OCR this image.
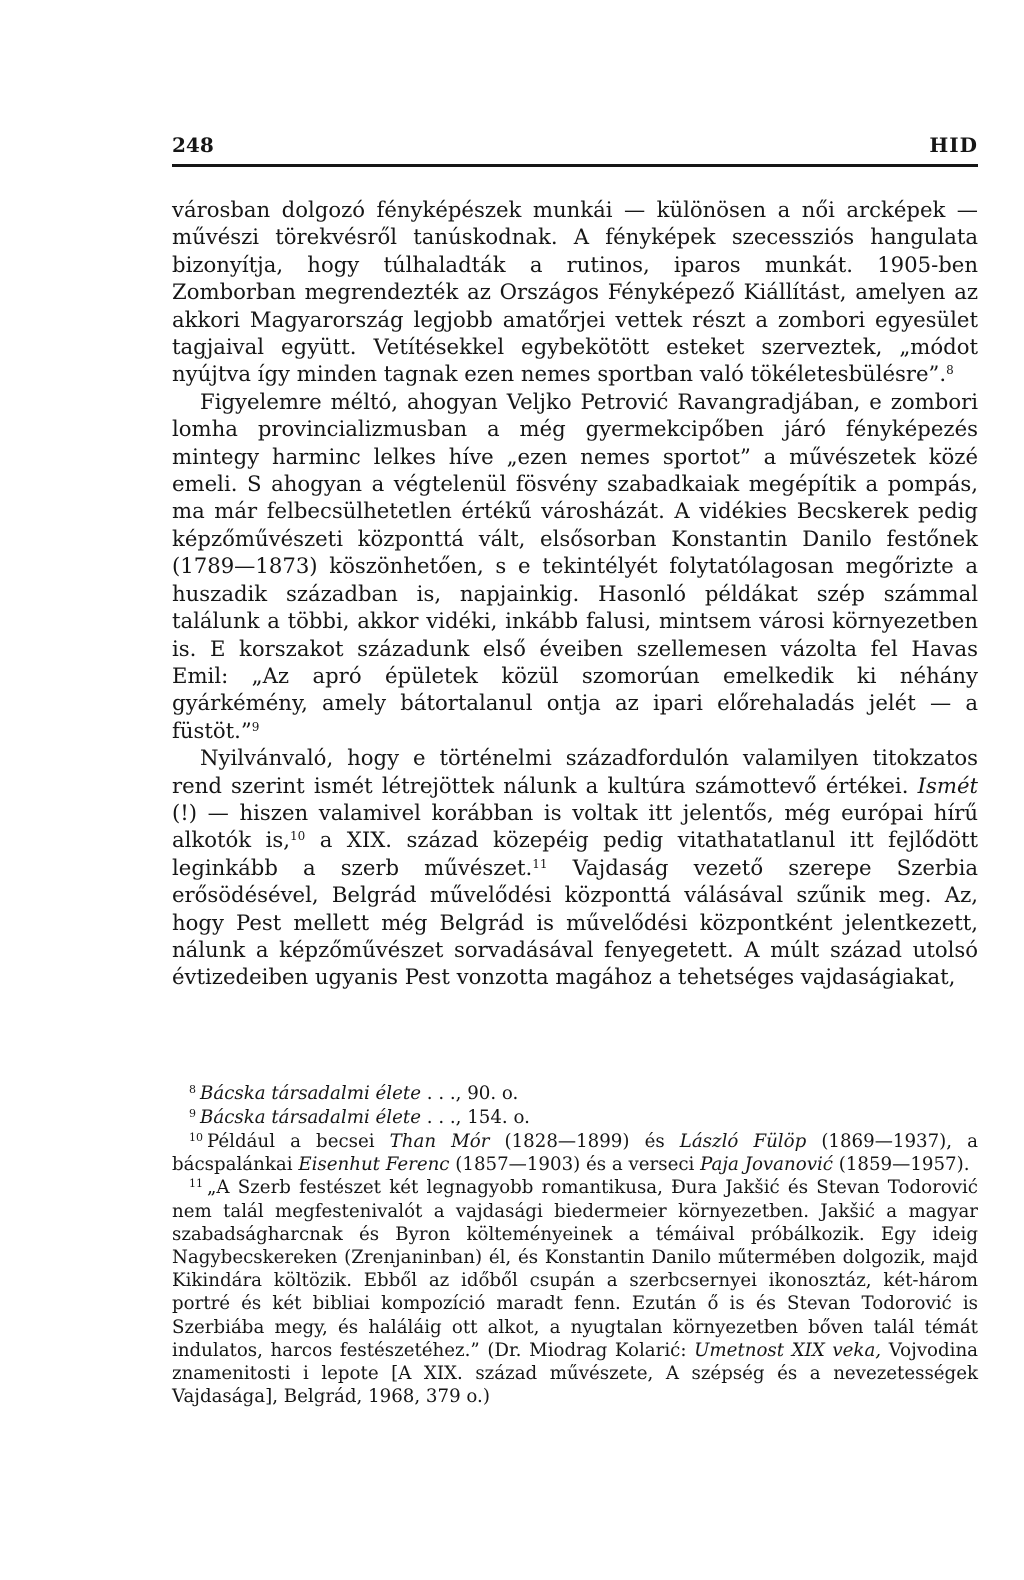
248	HID

városban dolgozó fényképészek munkái — különösen a női arcképek — művészi törekvésről tanúskodnak. A fényképek szecessziós hangulata bizonyítja, hogy túlhaladták a rutinos, iparos munkát. 1905-ben Zomborban megrendezték az Országos Fényképező Kiállítást, amelyen az akkori Magyarország legjobb amatőrjei vettek részt a zombori egyesület tagjaival együtt. Vetítésekkel egybekötött esteket szerveztek, „módot nyújtva így minden tagnak ezen nemes sportban való tökéletesbülésre”.$^8$

Figyelemre méltó, ahogyan Veljko Petrović Ravangradjában, e zombori lomha provincializmusban a még gyermekcipőben járó fényképezés mintegy harminc lelkes híve „ezen nemes sportot” a művészetek közé emeli. S ahogyan a végtelenül fösvény szabadkaiak megépítik a pompás, ma már felbecsülhetetlen értékű városházát. A vidékies Becskerek pedig képzőművészeti központtá vált, elsősorban Konstantin Danilo festőnek (1789—1873) köszönhetően, s e tekintélyét folytatólagosan megőrizte a huszadik században is, napjainkig. Hasonló példákat szép számmal találunk a többi, akkor vidéki, inkább falusi, mintsem városi környezetben is. E korszakot századunk első éveiben szellemesen vázolta fel Havas Emil: „Az apró épületek közül szomorúan emelkedik ki néhány gyárkémény, amely bátortalanul ontja az ipari előrehaladás jelét — a füstöt.”$^9$

Nyilvánvaló, hogy e történelmi századfordulón valamilyen titokzatos rend szerint ismét létrejöttek nálunk a kultúra számottevő értékei. Ismét (!) — hiszen valamivel korábban is voltak itt jelentős, még európai hírű alkotók is,$^{10}$ a XIX. század közepéig pedig vitathatatlanul itt fejlődött leginkább a szerb művészet.$^{11}$ Vajdaság vezető szerepe Szerbia erősödésével, Belgrád művelődési központtá válásával szűnik meg. Az, hogy Pest mellett még Belgrád is művelődési központként jelentkezett, nálunk a képzőművészet sorvadásával fenyegetett. A múlt század utolsó évtizedeiben ugyanis Pest vonzotta magához a tehetséges vajdaságiakat,

$^8$ Bácska társadalmi élete . . ., 90. o.

$^9$ Bácska társadalmi élete . . ., 154. o.

$^{10}$ Például a becsei Than Mór (1828—1899) és László Fülöp (1869—1937), a bácspalánkai Eisenhut Ferenc (1857—1903) és a verseci Paja Jovanović (1859—1957).

$^{11}$ „A Szerb festészet két legnagyobb romantikusa, Đura Jakšić és Stevan Todorović nem talál megfestenivalót a vajdasági biedermeier környezetben. Jakšić a magyar szabadságharcnak és Byron költeményeinek a témáival próbálkozik. Egy ideig Nagybecskereken (Zrenjaninban) él, és Konstantin Danilo műtermében dolgozik, majd Kikindára költözik. Ebből az időből csupán a szerbcsernyei ikonosztáz, két-három portré és két bibliai kompozíció maradt fenn. Ezután ő is és Stevan Todorović is Szerbiába megy, és haláláig ott alkot, a nyugtalan környezetben bőven talál témát indulatos, harcos festészetéhez.” (Dr. Miodrag Kolarić: Umetnost XIX veka, Vojvodina znamenitosti i lepote [A XIX. század művészete, A szépség és a nevezetességek Vajdasága], Belgrád, 1968, 379 o.)
